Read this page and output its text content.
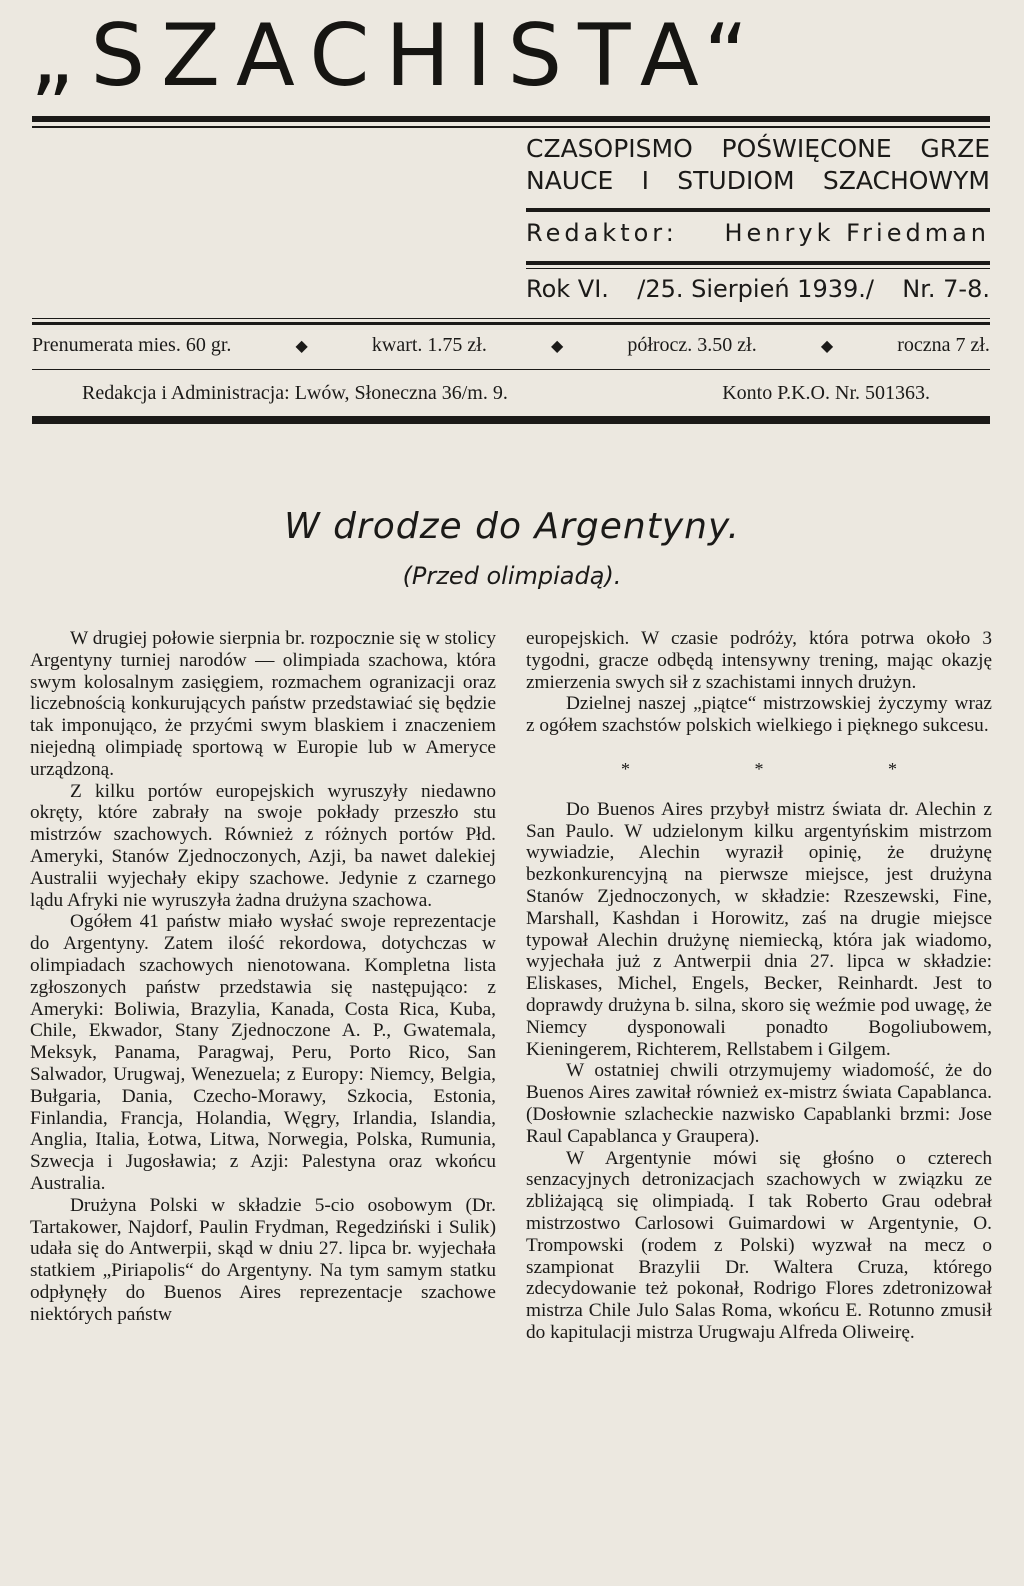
„SZACHISTA“
CZASOPISMO POŚWIĘCONE GRZE
NAUCE I STUDIOM SZACHOWYM
Redaktor: Henryk Friedman
Rok VI. /25. Sierpień 1939./ Nr. 7-8.
Prenumerata mies. 60 gr.	◆	kwart. 1.75 zł.	◆	półrocz. 3.50 zł.	◆	roczna 7 zł.
Redakcja i Administracja: Lwów, Słoneczna 36/m. 9.	Konto P.K.O. Nr. 501363.
W drodze do Argentyny.
(Przed olimpiadą).

W drugiej połowie sierpnia br. rozpocznie się w stolicy Argentyny turniej narodów — olimpiada szachowa, która swym kolosalnym zasięgiem, rozmachem ogranizacji oraz liczebnością konkurujących państw przedstawiać się będzie tak imponująco, że przyćmi swym blaskiem i znaczeniem niejedną olimpiadę sportową w Europie lub w Ameryce urządzoną.

Z kilku portów europejskich wyruszyły niedawno okręty, które zabrały na swoje pokłady przeszło stu mistrzów szachowych. Również z różnych portów Płd. Ameryki, Stanów Zjednoczonych, Azji, ba nawet dalekiej Australii wyjechały ekipy szachowe. Jedynie z czarnego lądu Afryki nie wyruszyła żadna drużyna szachowa.

Ogółem 41 państw miało wysłać swoje reprezentacje do Argentyny. Zatem ilość rekordowa, dotychczas w olimpiadach szachowych nienotowana. Kompletna lista zgłoszonych państw przedstawia się następująco: z Ameryki: Boliwia, Brazylia, Kanada, Costa Rica, Kuba, Chile, Ekwador, Stany Zjednoczone A. P., Gwatemala, Meksyk, Panama, Paragwaj, Peru, Porto Rico, San Salwador, Urugwaj, Wenezuela; z Europy: Niemcy, Belgia, Bułgaria, Dania, Czecho-Morawy, Szkocia, Estonia, Finlandia, Francja, Holandia, Węgry, Irlandia, Islandia, Anglia, Italia, Łotwa, Litwa, Norwegia, Polska, Rumunia, Szwecja i Jugosławia; z Azji: Palestyna oraz wkońcu Australia.

Drużyna Polski w składzie 5-cio osobowym (Dr. Tartakower, Najdorf, Paulin Frydman, Regedziński i Sulik) udała się do Antwerpii, skąd w dniu 27. lipca br. wyjechała statkiem „Piriapolis“ do Argentyny. Na tym samym statku odpłynęły do Buenos Aires reprezentacje szachowe niektórych państw

europejskich. W czasie podróży, która potrwa około 3 tygodni, gracze odbędą intensywny trening, mając okazję zmierzenia swych sił z szachistami innych drużyn.

Dzielnej naszej „piątce“ mistrzowskiej życzymy wraz z ogółem szachstów polskich wielkiego i pięknego sukcesu.

* * *

Do Buenos Aires przybył mistrz świata dr. Alechin z San Paulo. W udzielonym kilku argentyńskim mistrzom wywiadzie, Alechin wyraził opinię, że drużynę bezkonkurencyjną na pierwsze miejsce, jest drużyna Stanów Zjednoczonych, w składzie: Rzeszewski, Fine, Marshall, Kashdan i Horowitz, zaś na drugie miejsce typował Alechin drużynę niemiecką, która jak wiadomo, wyjechała już z Antwerpii dnia 27. lipca w składzie: Eliskases, Michel, Engels, Becker, Reinhardt. Jest to doprawdy drużyna b. silna, skoro się weźmie pod uwagę, że Niemcy dysponowali ponadto Bogoliubowem, Kieningerem, Richterem, Rellstabem i Gilgem.

W ostatniej chwili otrzymujemy wiadomość, że do Buenos Aires zawitał również ex-mistrz świata Capablanca. (Dosłownie szlacheckie nazwisko Capablanki brzmi: Jose Raul Capablanca y Graupera).

W Argentynie mówi się głośno o czterech senzacyjnych detronizacjach szachowych w związku ze zbliżającą się olimpiadą. I tak Roberto Grau odebrał mistrzostwo Carlosowi Guimardowi w Argentynie, O. Trompowski (rodem z Polski) wyzwał na mecz o szampionat Brazylii Dr. Waltera Cruza, którego zdecydowanie też pokonał, Rodrigo Flores zdetronizował mistrza Chile Julo Salas Roma, wkońcu E. Rotunno zmusił do kapitulacji mistrza Urugwaju Alfreda Oliweirę.
